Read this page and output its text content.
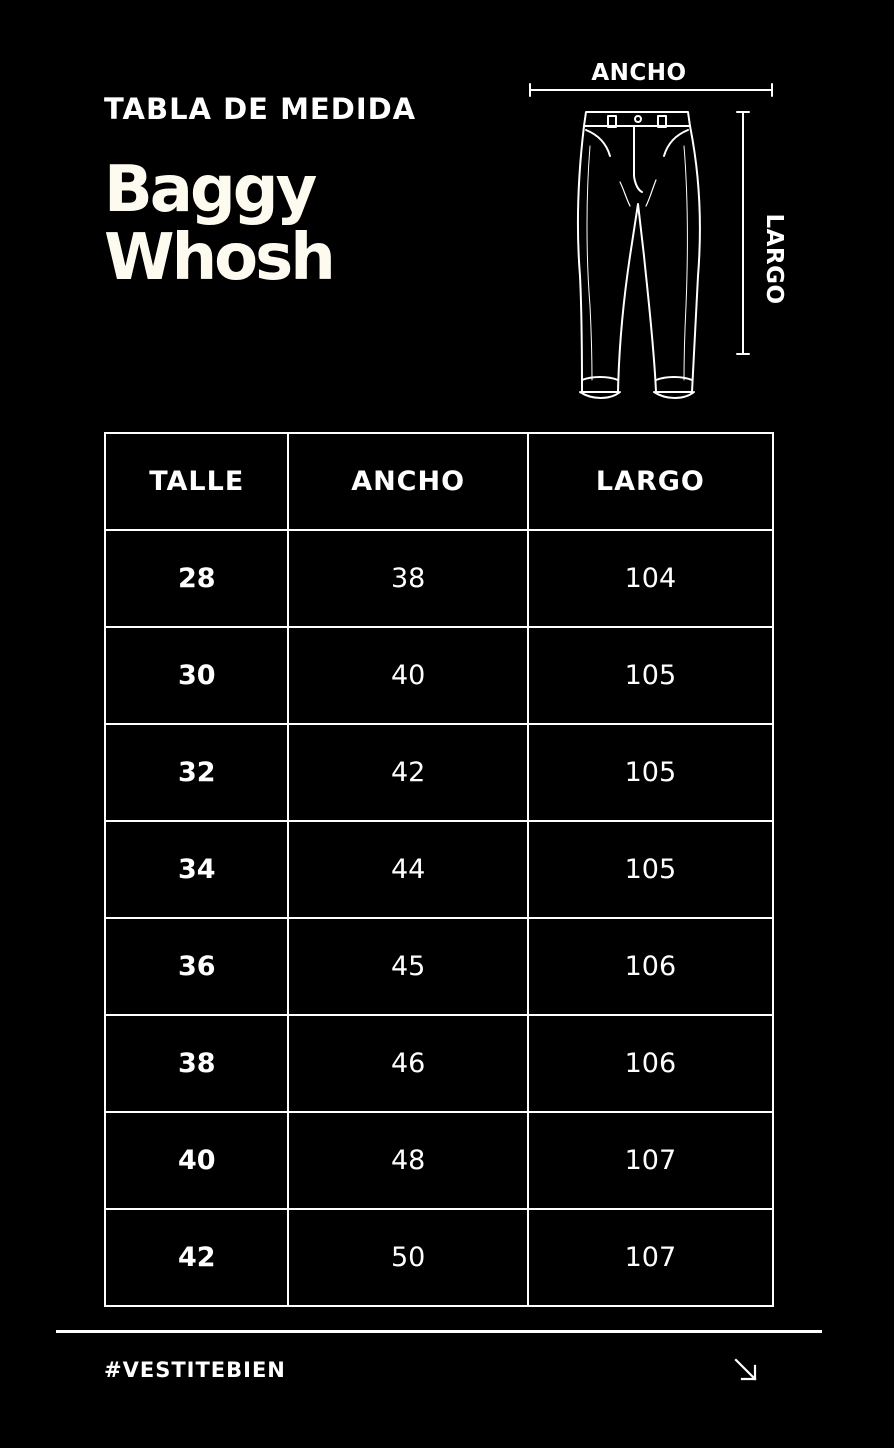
TABLA DE MEDIDA
Baggy
Whosh
ANCHO
LARGO
TALLE	ANCHO	LARGO
28	38	104
30	40	105
32	42	105
34	44	105
36	45	106
38	46	106
40	48	107
42	50	107
#VESTITEBIEN
